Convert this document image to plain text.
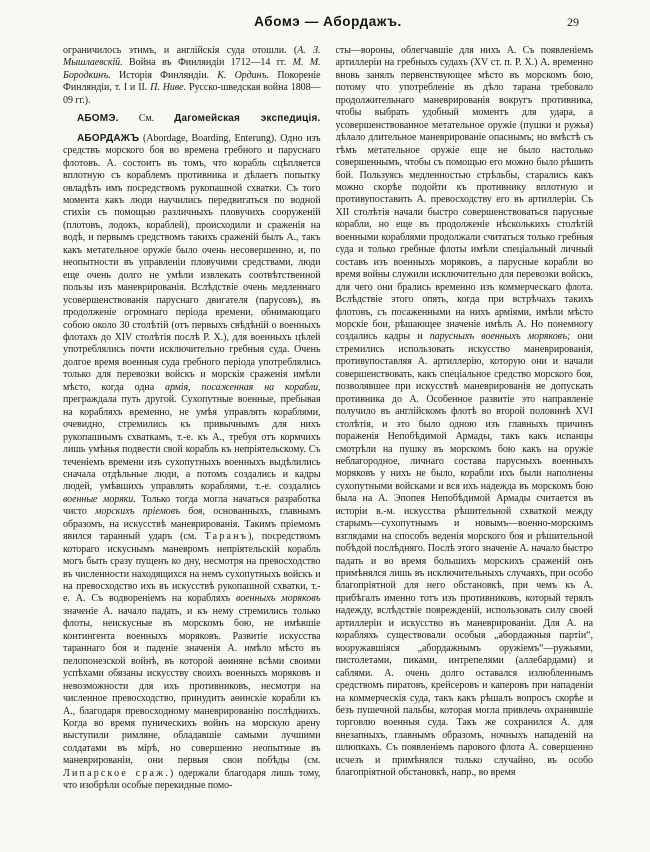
Абомэ — Абордажъ.	29

ограничилось этимъ, и англійскія суда отошли. (А. З. Мышлаевскій. Война въ Финляндіи 1712—14 гг. М. М. Бородкинъ. Исторія Финляндіи. К. Ординъ. Покореніе Финляндіи, т. I и II. П. Ниве. Русско-шведская война 1808—09 гг.).

АБОМЭ. См. Дагомейская экспедиція.

АБОРДАЖЪ (Abordage, Boarding, Enterung). Одно изъ средствъ морского боя во времена гребного и паруснаго флотовъ. А. состоитъ въ томъ, что корабль сцѣпляется вплотную съ кораблемъ противника и дѣлаетъ попытку овладѣть имъ посредствомъ рукопашной схватки. Съ того момента какъ люди научились передвигаться по водной стихіи съ помощью различныхъ пловучихъ сооруженій (плотовъ, лодокъ, кораблей), происходили и сраженія на водѣ, и первымъ средствомъ такихъ сраженій былъ А., такъ какъ метательное оружіе было очень несовершенно, и, по неопытности въ управленіи пловучими средствами, люди еще очень долго не умѣли извлекать соотвѣтственной пользы изъ маневрированія. Вслѣдствіе очень медленнаго усовершенствованія паруснаго двигателя (парусовъ), въ продолженіе огромнаго періода времени, обнимающаго собою около 30 столѣтій (отъ первыхъ свѣдѣній о военныхъ флотахъ до XIV столѣтія послѣ Р. Х.), для военныхъ цѣлей употреблялись почти исключительно гребныя суда. Очень долгое время военныя суда гребного періода употреблялись только для перевозки войскъ и морскія сраженія имѣли мѣсто, когда одна армія, посаженная на корабли, преграждала путь другой. Сухопутные военные, пребывая на корабляхъ временно, не умѣя управлять кораблями, очевидно, стремились къ привычнымъ для нихъ рукопашнымъ схваткамъ, т.-е. къ А., требуя отъ кормчихъ лишь умѣнья подвести свой корабль къ непріятельскому. Съ теченіемъ времени изъ сухопутныхъ военныхъ выдѣлились сначала отдѣльные люди, а потомъ создались и кадры людей, умѣвшихъ управлять кораблями, т.-е. создались военные моряки. Только тогда могла начаться разработка чисто морскихъ пріемовъ боя, основанныхъ, главнымъ образомъ, на искусствѣ маневрированія. Такимъ пріемомъ явился таранный ударъ (см. Таранъ), посредствомъ котораго искуснымъ маневромъ непріятельскій корабль могъ быть сразу пущенъ ко дну, несмотря на превосходство въ численности находящихся на немъ сухопутныхъ войскъ и на превосходство ихъ въ искусствѣ рукопашной схватки, т.-е. А. Съ водвореніемъ на корабляхъ военныхъ моряковъ значеніе А. начало падать, и къ нему стремились только флоты, неискусные въ морскомъ бою, не имѣвшіе контингента военныхъ моряковъ. Развитіе искусства тараннаго боя и паденіе значенія А. имѣло мѣсто въ пелопонезской войнѣ, въ которой аѳиняне всѣми своими успѣхами обязаны искусству своихъ военныхъ моряковъ и невозможности для ихъ противниковъ, несмотря на численное превосходство, принудить аѳинскіе корабли къ А., благодаря превосходному маневрированію послѣднихъ. Когда во время пуническихъ войнъ на морскую арену выступили римляне, обладавшіе самыми лучшими солдатами въ мірѣ, но совершенно неопытные въ маневрированіи, они первыя свои побѣды (см. Липарское сраж.) одержали благодаря лишь тому, что изобрѣли особые перекидные помо-

сты—во́роны, облегчавшіе для нихъ А. Съ появленіемъ артиллеріи на гребныхъ судахъ (XV ст. п. Р. Х.) А. временно вновь занялъ первенствующее мѣсто въ морскомъ бою, потому что употребленіе въ дѣло тарана требовало продолжительнаго маневрированія вокругъ противника, чтобы выбрать удобный моментъ для удара, а усовершенствованное метательное оружіе (пушки и ружья) дѣлало длительное маневрированіе опаснымъ; но вмѣстѣ съ тѣмъ метательное оружіе еще не было настолько совершеннымъ, чтобы съ помощью его можно было рѣшить бой. Пользуясь медленностью стрѣльбы, старались какъ можно скорѣе подойти къ противнику вплотную и противупоставить А. превосходству его въ артиллеріи. Съ XII столѣтія начали быстро совершенствоваться парусные корабли, но еще въ продолженіе нѣсколькихъ столѣтій военными кораблями продолжали считаться только гребныя суда и только гребные флоты имѣли спеціальный личный составъ изъ военныхъ моряковъ, а парусные корабли во время войны служили исключительно для перевозки войскъ, для чего они брались временно изъ коммерческаго флота. Вслѣдствіе этого опять, когда при встрѣчахъ такихъ флотовъ, съ посаженными на нихъ арміями, имѣли мѣсто морскіе бои, рѣшающее значеніе имѣлъ А. Но понемногу создались кадры и парусныхъ военныхъ моряковъ; они стремились использовать искусство маневрированія, противупоставляя А. артиллерію, которую они и начали совершенствовать, какъ спеціальное средство морского боя, позволявшее при искусствѣ маневрированія не допускать противника до А. Особенное развитіе это направленіе получило въ англійскомъ флотѣ во второй половинѣ XVI столѣтія, и это было одною изъ главныхъ причинъ пораженія Непобѣдимой Армады, такъ какъ испанцы смотрѣли на пушку въ морскомъ бою какъ на оружіе неблагородное, личнаго состава парусныхъ военныхъ моряковъ у нихъ не было, корабли ихъ были наполнены сухопутными войсками и вся ихъ надежда въ морскомъ бою была на А. Эпопея Непобѣдимой Армады считается въ исторіи в.-м. искусства рѣшительной схваткой между старымъ—сухопутнымъ и новымъ—военно-морскимъ взглядами на способъ веденія морского боя и рѣшительной побѣдой послѣдняго. Послѣ этого значеніе А. начало быстро падать и во время большихъ морскихъ сраженій онъ примѣнялся лишь въ исключительныхъ случаяхъ, при особо благопріятной для него обстановкѣ, при чемъ къ А. прибѣгалъ именно тотъ изъ противниковъ, который терялъ надежду, вслѣдствіе поврежденій, использовать силу своей артиллеріи и искусство въ маневрированіи. Для А. на корабляхъ существовали особыя „абордажныя партіи“, вооружавшіяся „абордажнымъ оружіемъ“—ружьями, пистолетами, пиками, интрепелями (аллебардами) и саблями. А. очень долго оставался излюбленнымъ средствомъ пиратовъ, крейсеровъ и каперовъ при нападеніи на коммерческія суда, такъ какъ рѣшалъ вопросъ скорѣе и безъ пушечной пальбы, которая могла привлечь охранявшіе торговлю военныя суда. Такъ же сохранился А. для внезапныхъ, главнымъ образомъ, ночныхъ нападеній на шлюпкахъ. Съ появленіемъ парового флота А. совершенно исчезъ и примѣнялся только случайно, въ особо благопріятной обстановкѣ, напр., во время
